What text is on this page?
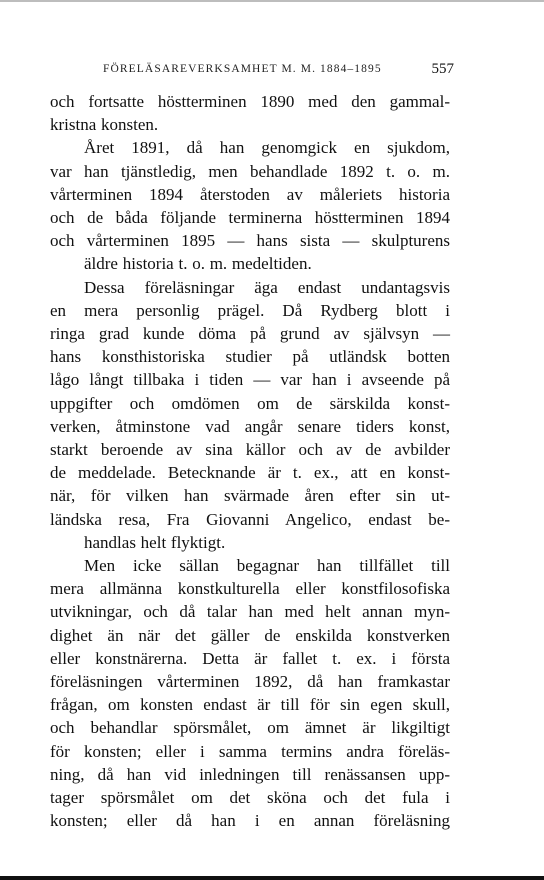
FÖRELÄSAREVERKSAMHET M. M. 1884–1895	557

och fortsatte höstterminen 1890 med den gammal-

kristna konsten.

Året 1891, då han genomgick en sjukdom,
var han tjänstledig, men behandlade 1892 t. o. m.
vårterminen 1894 återstoden av måleriets historia
och de båda följande terminerna höstterminen 1894
och vårterminen 1895 — hans sista — skulpturens

äldre historia t. o. m. medeltiden.

Dessa föreläsningar äga endast undantagsvis
en mera personlig prägel. Då Rydberg blott i
ringa grad kunde döma på grund av självsyn —
hans konsthistoriska studier på utländsk botten
lågo långt tillbaka i tiden — var han i avseende på
uppgifter och omdömen om de särskilda konst-
verken, åtminstone vad angår senare tiders konst,
starkt beroende av sina källor och av de avbilder
de meddelade. Betecknande är t. ex., att en konst-
när, för vilken han svärmade åren efter sin ut-
ländska resa, Fra Giovanni Angelico, endast be-

handlas helt flyktigt.

Men icke sällan begagnar han tillfället till
mera allmänna konstkulturella eller konstfilosofiska
utvikningar, och då talar han med helt annan myn-
dighet än när det gäller de enskilda konstverken
eller konstnärerna. Detta är fallet t. ex. i första
föreläsningen vårterminen 1892, då han framkastar
frågan, om konsten endast är till för sin egen skull,
och behandlar spörsmålet, om ämnet är likgiltigt
för konsten; eller i samma termins andra föreläs-
ning, då han vid inledningen till renässansen upp-
tager spörsmålet om det sköna och det fula i
konsten; eller då han i en annan föreläsning
